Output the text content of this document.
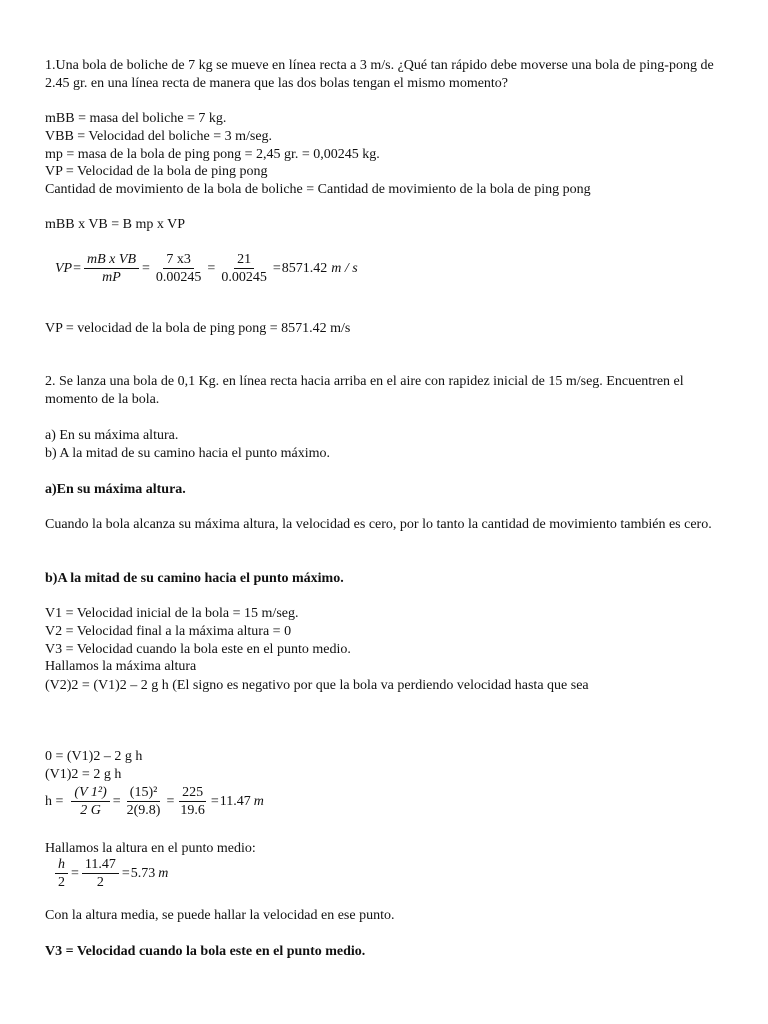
1.Una bola de boliche de 7 kg se mueve en línea recta a 3 m/s. ¿Qué tan rápido debe moverse una bola de ping-pong de 2.45 gr. en una línea recta de manera que las dos bolas tengan el mismo momento?
mBB = masa del boliche = 7 kg.
VBB = Velocidad del boliche = 3 m/seg.
mp = masa de la bola de ping pong = 2,45 gr. = 0,00245 kg.
VP = Velocidad de la bola de ping pong
Cantidad de movimiento de la bola de boliche = Cantidad de movimiento de la bola de ping pong
mBB x VB = B mp x VP
VP = $\frac{\text{mB x VB}}{mP} = \frac{7 x3}{0.00245} = \frac{21}{0.00245} = 8571.42$ m / s
VP = velocidad de la bola de ping pong = 8571.42 m/s
2. Se lanza una bola de 0,1 Kg. en línea recta hacia arriba en el aire con rapidez inicial de 15 m/seg. Encuentren el momento de la bola.
a) En su máxima altura.
b) A la mitad de su camino hacia el punto máximo.
a)En su máxima altura.
Cuando la bola alcanza su máxima altura, la velocidad es cero, por lo tanto la cantidad de movimiento también es cero.
b)A la mitad de su camino hacia el punto máximo.
V1 = Velocidad inicial de la bola = 15 m/seg.
V2 = Velocidad final a la máxima altura = 0
V3 = Velocidad cuando la bola este en el punto medio.
Hallamos la máxima altura
(V2)2 = (V1)2 – 2 g h (El signo es negativo por que la bola va perdiendo velocidad hasta que sea
0 = (V1)2 – 2 g h
(V1)2 = 2 g h
$h = \frac{\text{(V 1²)}}{2 G} = \frac{\text{(15)²}}{2(9.8)} = \frac{225}{19.6} = 11.47$ m
Hallamos la altura en el punto medio:
$\frac{h}{2} = \frac{11.47}{2} = 5.73$ m
Con la altura media, se puede hallar la velocidad en ese punto.
V3 = Velocidad cuando la bola este en el punto medio.
